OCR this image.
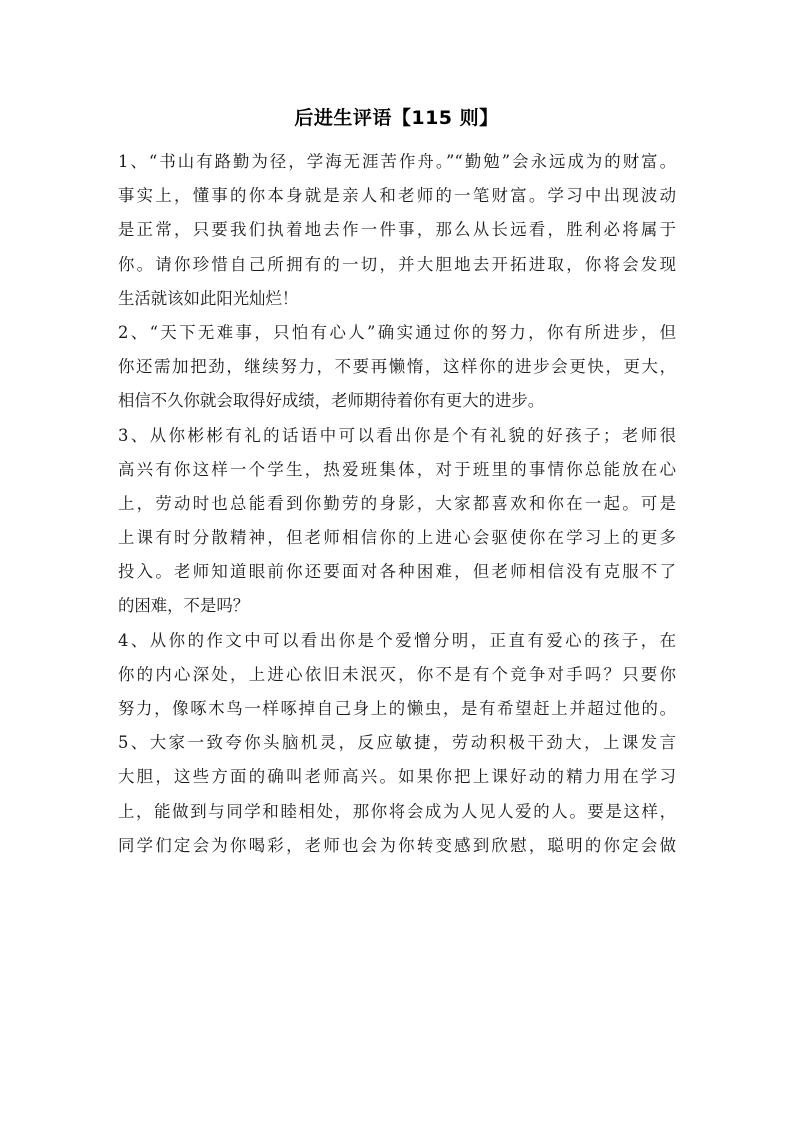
后进生评语【115 则】
1、“书山有路勤为径，学海无涯苦作舟。”“勤勉”会永远成为的财富。
事实上，懂事的你本身就是亲人和老师的一笔财富。学习中出现波动
是正常，只要我们执着地去作一件事，那么从长远看，胜利必将属于
你。请你珍惜自己所拥有的一切，并大胆地去开拓进取，你将会发现
生活就该如此阳光灿烂！
2、“天下无难事，只怕有心人”确实通过你的努力，你有所进步，但
你还需加把劲，继续努力，不要再懒惰，这样你的进步会更快，更大，
相信不久你就会取得好成绩，老师期待着你有更大的进步。
3、从你彬彬有礼的话语中可以看出你是个有礼貌的好孩子；老师很
高兴有你这样一个学生，热爱班集体，对于班里的事情你总能放在心
上，劳动时也总能看到你勤劳的身影，大家都喜欢和你在一起。可是
上课有时分散精神，但老师相信你的上进心会驱使你在学习上的更多
投入。老师知道眼前你还要面对各种困难，但老师相信没有克服不了
的困难，不是吗？
4、从你的作文中可以看出你是个爱憎分明，正直有爱心的孩子，在
你的内心深处，上进心依旧未泯灭，你不是有个竞争对手吗？只要你
努力，像啄木鸟一样啄掉自己身上的懒虫，是有希望赶上并超过他的。
5、大家一致夸你头脑机灵，反应敏捷，劳动积极干劲大，上课发言
大胆，这些方面的确叫老师高兴。如果你把上课好动的精力用在学习
上，能做到与同学和睦相处，那你将会成为人见人爱的人。要是这样，
同学们定会为你喝彩，老师也会为你转变感到欣慰，聪明的你定会做
